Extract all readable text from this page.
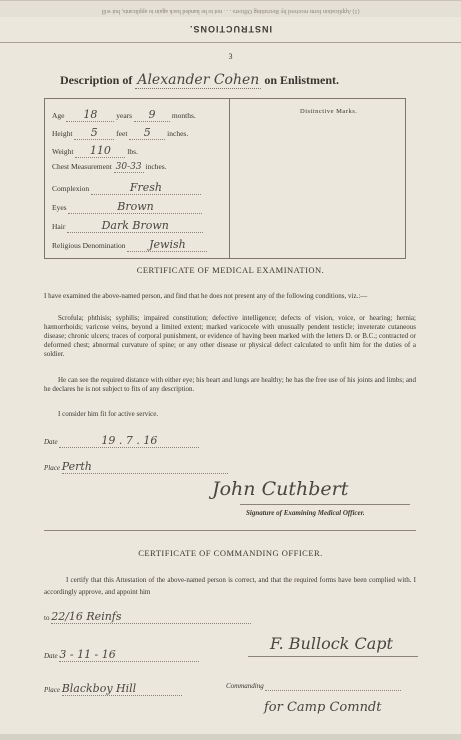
(1) Application form received by Recruiting Officers . . . not to be handed back again to applicants, but will
INSTRUCTIONS.
3
Description of Alexander Cohen on Enlistment.
Distinctive Marks.
Age 18	years 9 months.
Height 5 feet 5 inches.
Weight 110 lbs.
Chest Measurement 30-33 inches.
Complexion	Fresh
Eyes	Brown
Hair	Dark Brown
Religious Denomination Jewish
CERTIFICATE OF MEDICAL EXAMINATION.
I have examined the above-named person, and find that he does not present any of the following conditions, viz.:—
Scrofula; phthisis; syphilis; impaired constitution; defective intelligence; defects of vision, voice, or hearing; hernia; hæmorrhoids; varicose veins, beyond a limited extent; marked varicocele with unusually pendent testicle; inveterate cutaneous disease; chronic ulcers; traces of corporal punishment, or evidence of having been marked with the letters D. or B.C.; contracted or deformed chest; abnormal curvature of spine; or any other disease or physical defect calculated to unfit him for the duties of a soldier.
He can see the required distance with either eye; his heart and lungs are healthy; he has the free use of his joints and limbs; and he declares he is not subject to fits of any description.
I consider him fit for active service.
Date	19 . 7 . 16
Place Perth
John Cuthbert
Signature of Examining Medical Officer.
CERTIFICATE OF COMMANDING OFFICER.
I certify that this Attestation of the above-named person is correct, and that the required forms have been complied with. I accordingly approve, and appoint him
to 22/16 Reinfs
Date 3 - 11 - 16
F. Bullock Capt
Place Blackboy Hill	Commanding
for Camp Comndt
